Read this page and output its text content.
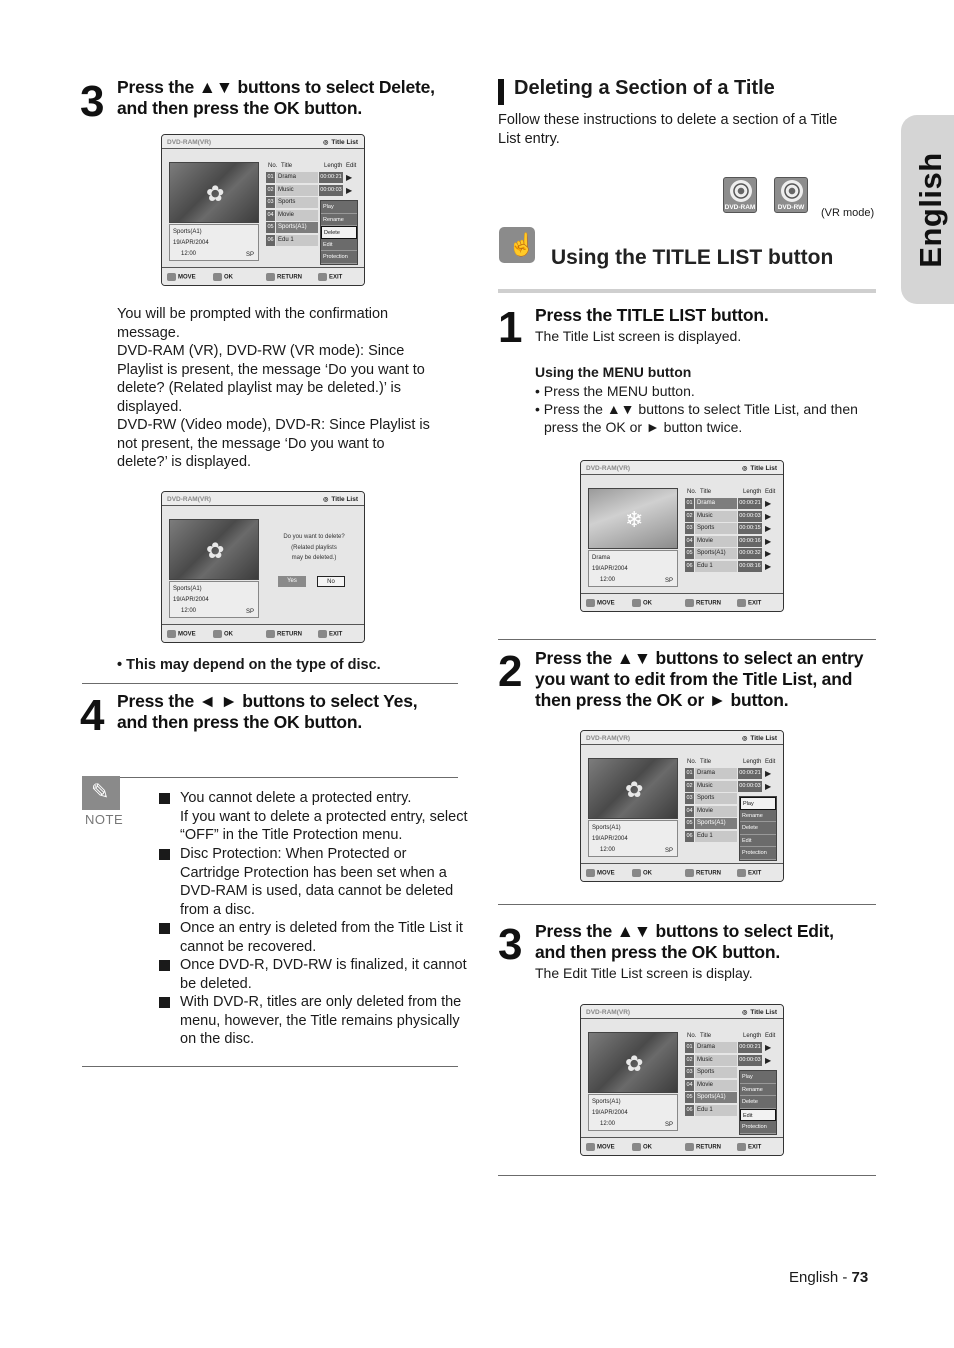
English
3 Press the ▲▼ buttons to select Delete,
and then press the OK button.
DVD-RAM(VR)	◎ Title List
✿
Sports(A1)
19/APR/2004
12:00	SP
No. Title	Length Edit
01 Drama	00:00:21 ▶
02 Music	00:00:03 ▶
03 Sports
04 Movie
05 Sports(A1)
06 Edu 1
Play
Rename
Delete
Edit
Protection
MOVE	OK	RETURN	EXIT
You will be prompted with the confirmation
message.
DVD-RAM (VR), DVD-RW (VR mode): Since
Playlist is present, the message ‘Do you want to
delete? (Related playlist may be deleted.)’ is
displayed.
DVD-RW (Video mode), DVD-R: Since Playlist is
not present, the message ‘Do you want to
delete?’ is displayed.
DVD-RAM(VR)	◎ Title List
✿
Sports(A1)
19/APR/2004
12:00	SP
Do you want to delete?
(Related playlists
may be deleted.)
Yes	No
MOVE	OK	RETURN	EXIT
• This may depend on the type of disc.
4 Press the ◄ ► buttons to select Yes,
and then press the OK button.
✎
NOTE
You cannot delete a protected entry.
If you want to delete a protected entry, select
“OFF” in the Title Protection menu.
Disc Protection: When Protected or
Cartridge Protection has been set when a
DVD-RAM is used, data cannot be deleted
from a disc.
Once an entry is deleted from the Title List it
cannot be recovered.
Once DVD-R, DVD-RW is finalized, it cannot
be deleted.
With DVD-R, titles are only deleted from the
menu, however, the Title remains physically
on the disc.
Deleting a Section of a Title
Follow these instructions to delete a section of a Title
List entry.
DVD-RAM	DVD-RW (VR mode)
☝
Using the TITLE LIST button
1 Press the TITLE LIST button.
The Title List screen is displayed.
Using the MENU button
• Press the MENU button.
• Press the ▲▼ buttons to select Title List, and then
press the OK or ► button twice.
DVD-RAM(VR)	◎ Title List
❄
Drama
19/APR/2004
12:00	SP
No. Title	Length Edit
01 Drama	00:00:21 ▶
02 Music	00:00:03 ▶
03 Sports	00:00:15 ▶
04 Movie	00:00:16 ▶
05 Sports(A1)	00:00:32 ▶
06 Edu 1	00:08:16 ▶
MOVE	OK	RETURN	EXIT
2 Press the ▲▼ buttons to select an entry
you want to edit from the Title List, and
then press the OK or ► button.
DVD-RAM(VR)	◎ Title List
✿
Sports(A1)
19/APR/2004
12:00	SP
No. Title	Length Edit
01 Drama	00:00:21 ▶
02 Music	00:00:03 ▶
03 Sports
04 Movie
05 Sports(A1)
06 Edu 1
Play
Rename
Delete
Edit
Protection
MOVE	OK	RETURN	EXIT
3 Press the ▲▼ buttons to select Edit,
and then press the OK button.
The Edit Title List screen is display.
DVD-RAM(VR)	◎ Title List
✿
Sports(A1)
19/APR/2004
12:00	SP
No. Title	Length Edit
01 Drama	00:00:21 ▶
02 Music	00:00:03 ▶
03 Sports
04 Movie
05 Sports(A1)
06 Edu 1
Play
Rename
Delete
Edit
Protection
MOVE	OK	RETURN	EXIT
English - 73
